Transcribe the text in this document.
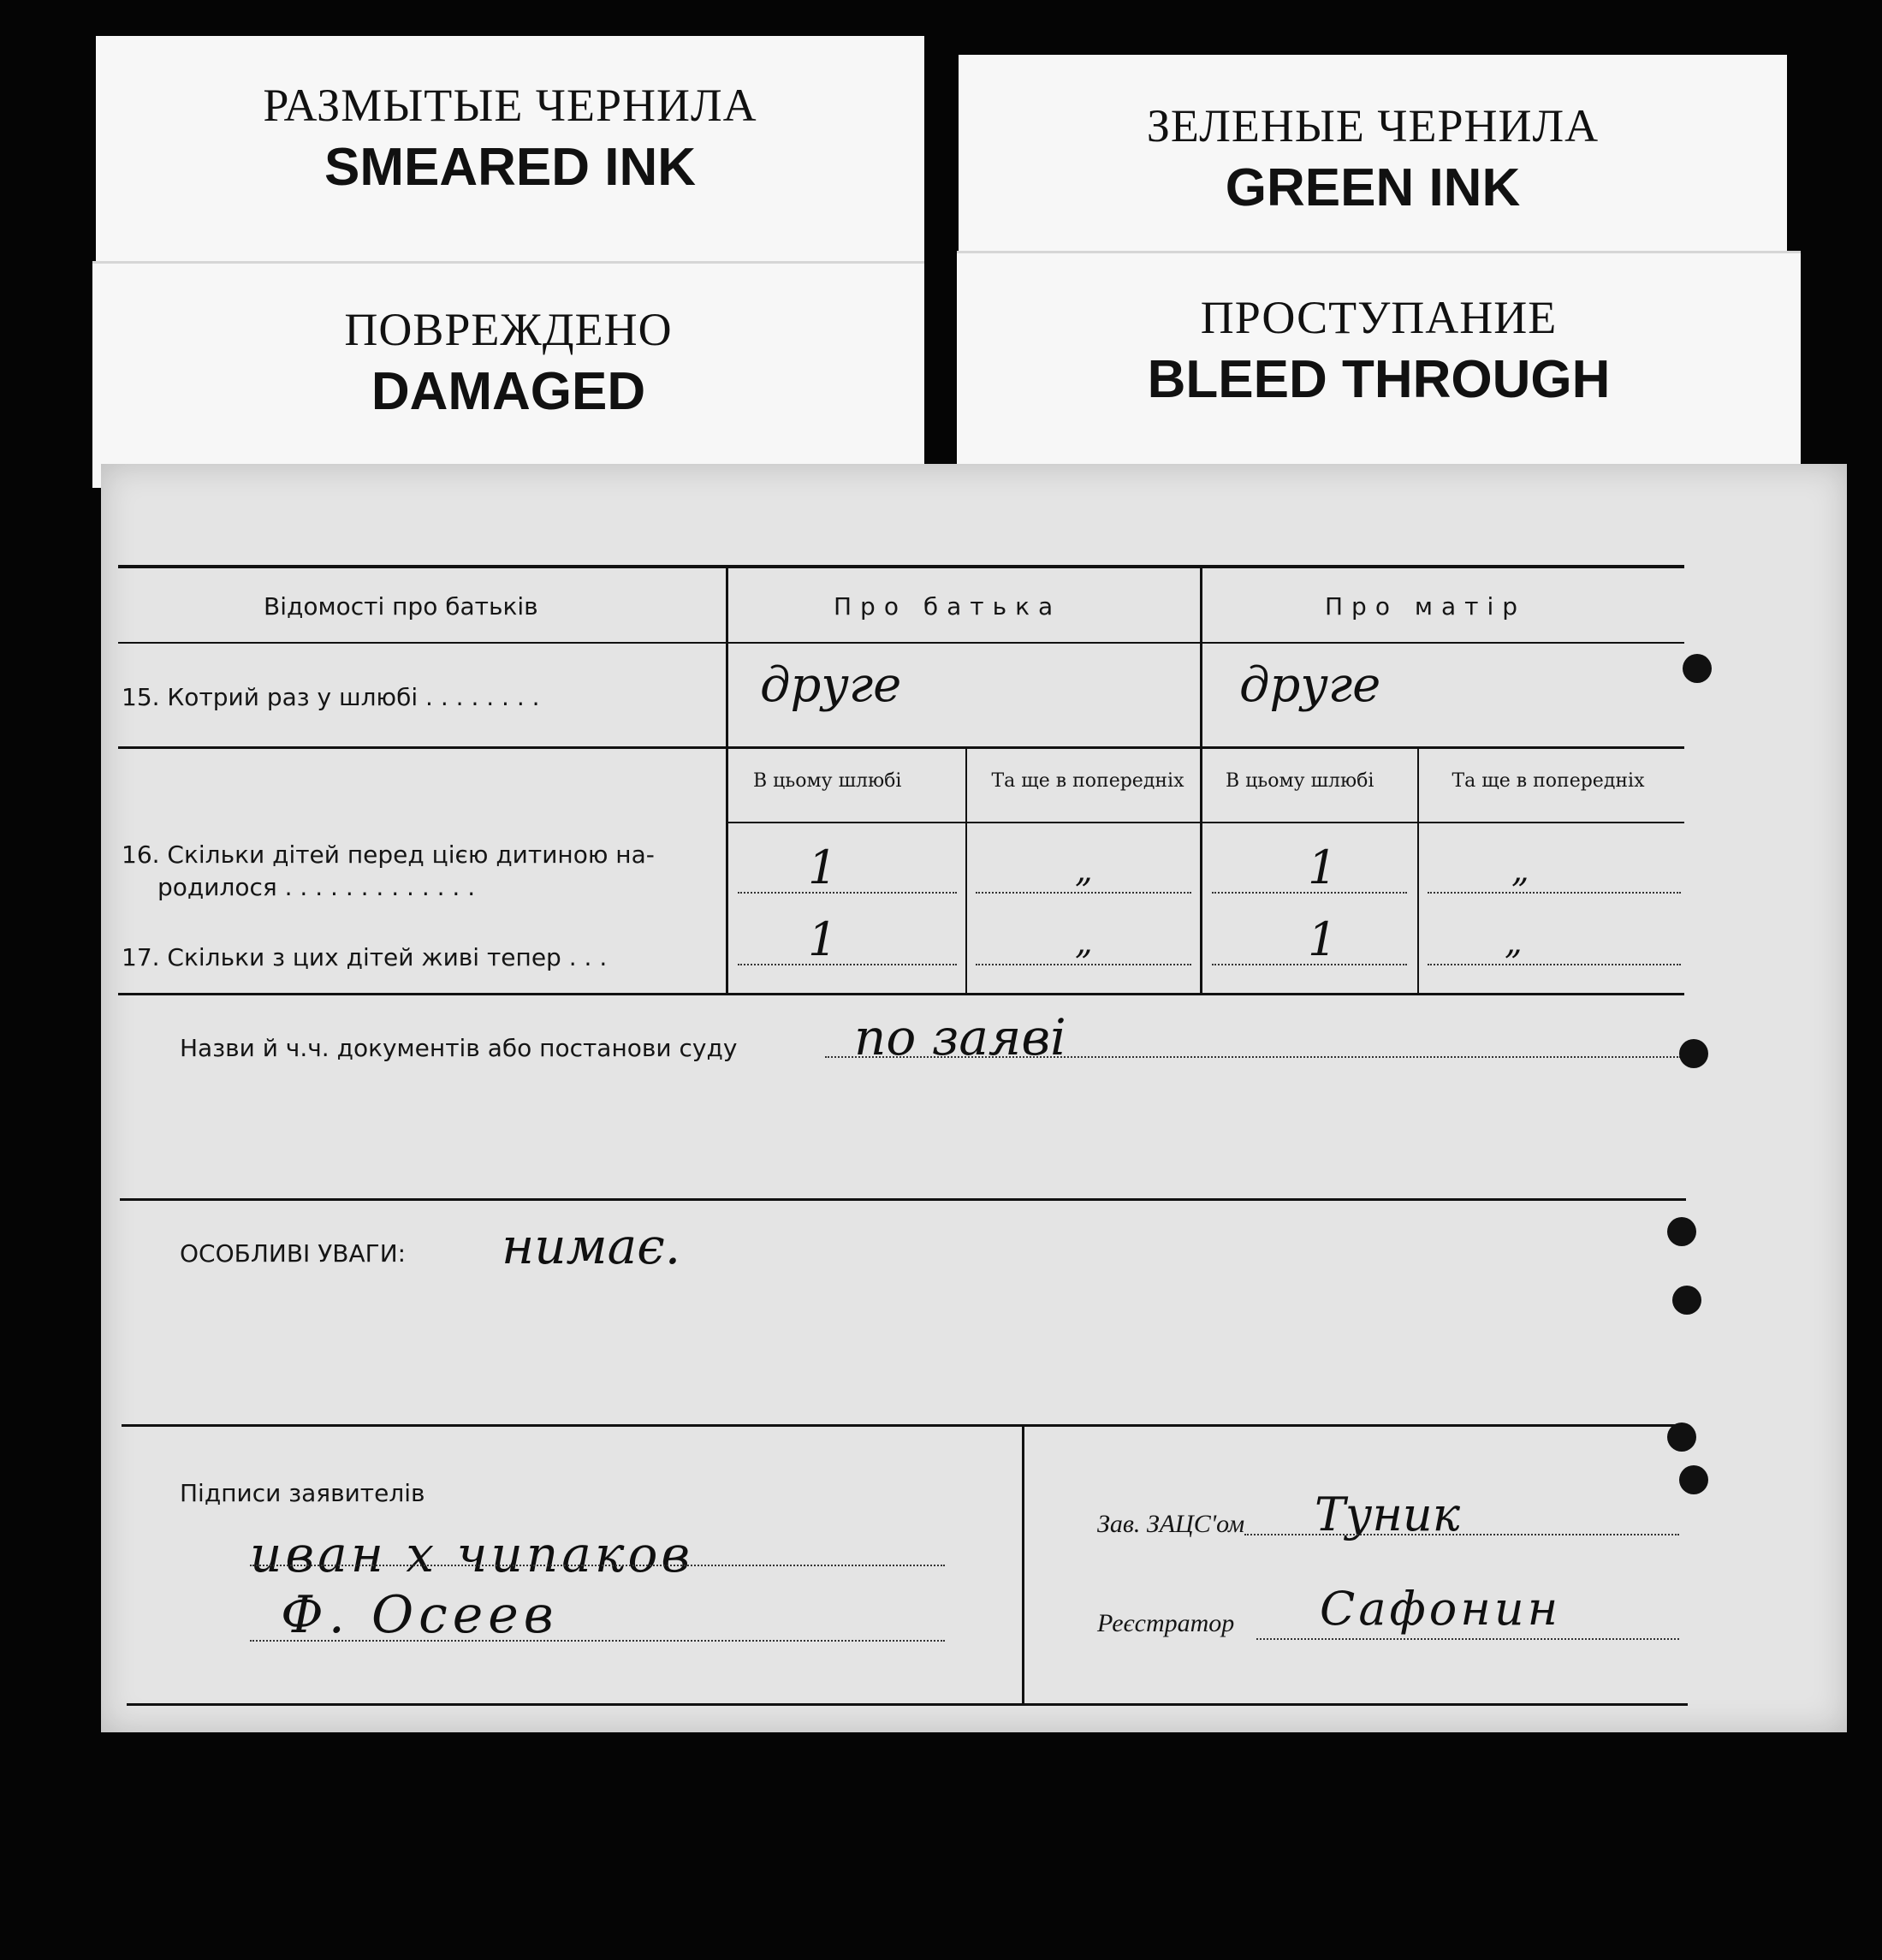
РАЗМЫТЫЕ ЧЕРНИЛА
SMEARED INK
ЗЕЛЕНЫЕ ЧЕРНИЛА
GREEN INK
ПОВРЕЖДЕНО
DAMAGED
ПРОСТУПАНИЕ
BLEED THROUGH
Відомості про батьків	Про батька	Про матір
15. Котрий раз у шлюбі . . . . . . . .	друге	друге
В цьому шлюбі	Та ще в попередніх	В цьому шлюбі	Та ще в попередніх
16. Скільки дітей перед цією дитиною на-
родилося . . . . . . . . . . . . .	1	„	1	„
17. Скільки з цих дітей живі тепер . . .	1	„	1	„
Назви й ч.ч. документів або постанови суду по заяві
ОСОБЛИВІ УВАГИ: нимає.
Підписи заявителів
иван х чипаков
Ф. Осеев
Зав. ЗАЦС'ом Туник
Реєстратор Сафонин
